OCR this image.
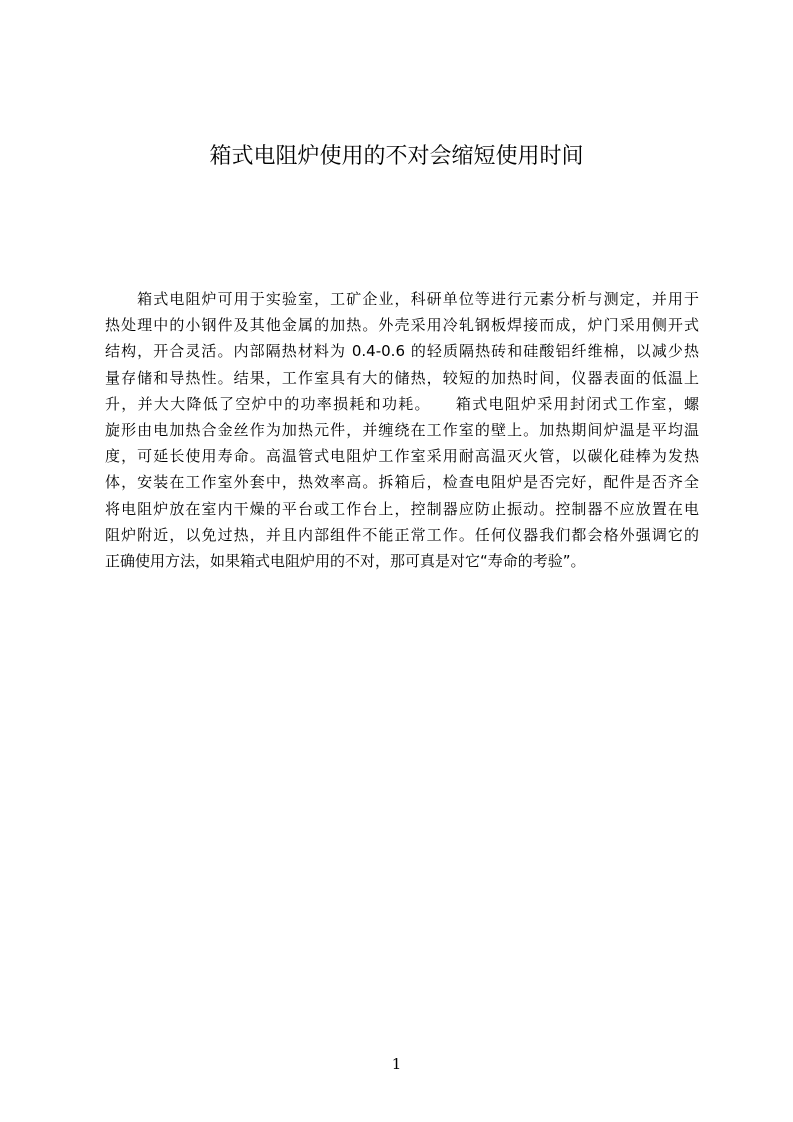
箱式电阻炉使用的不对会缩短使用时间
　　箱式电阻炉可用于实验室，工矿企业，科研单位等进行元素分析与测定，并用于
热处理中的小钢件及其他金属的加热。外壳采用冷轧钢板焊接而成，炉门采用侧开式
结构，开合灵活。内部隔热材料为 0.4-0.6 的轻质隔热砖和硅酸铝纤维棉，以减少热
量存储和导热性。结果，工作室具有大的储热，较短的加热时间，仪器表面的低温上
升，并大大降低了空炉中的功率损耗和功耗。　　箱式电阻炉采用封闭式工作室，螺
旋形由电加热合金丝作为加热元件，并缠绕在工作室的壁上。加热期间炉温是平均温
度，可延长使用寿命。高温管式电阻炉工作室采用耐高温灭火管，以碳化硅棒为发热
体，安装在工作室外套中，热效率高。拆箱后，检查电阻炉是否完好，配件是否齐全
将电阻炉放在室内干燥的平台或工作台上，控制器应防止振动。控制器不应放置在电
阻炉附近，以免过热，并且内部组件不能正常工作。任何仪器我们都会格外强调它的
正确使用方法，如果箱式电阻炉用的不对，那可真是对它“寿命的考验”。
1
